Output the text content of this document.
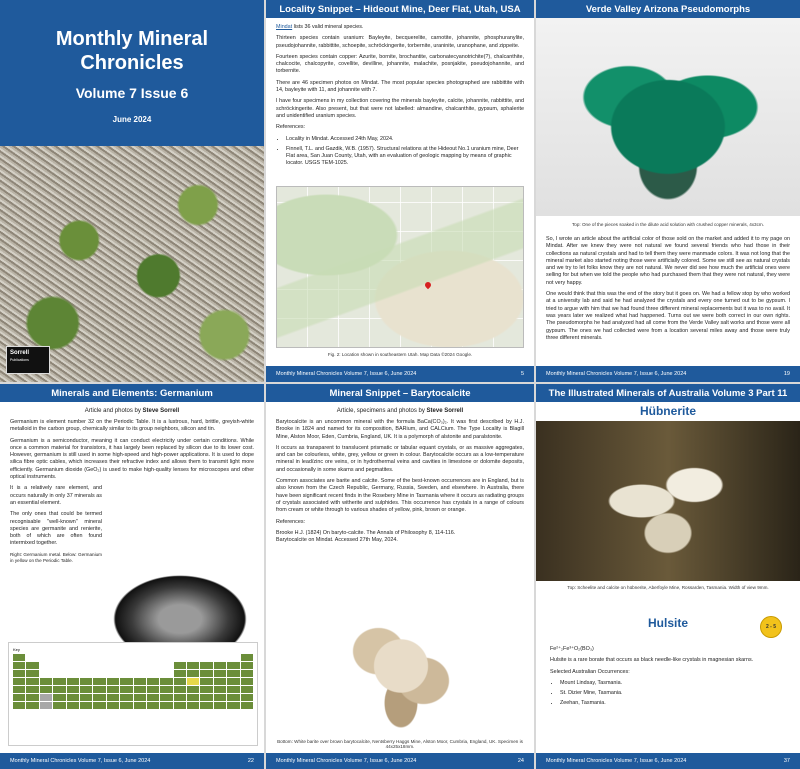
Monthly Mineral
Chronicles
Volume 7 Issue 6
June 2024
Sorrell
Publications
Locality Snippet – Hideout Mine, Deer Flat, Utah, USA

Mindat lists 36 valid mineral species.

Thirteen species contain uranium: Bayleyite, becquerelite, carnotite, johannite, phosphuranylite, pseudojohannite, rabbittite, schoepite, schröckingerite, torbernite, uraninite, uranophane, and zippeite.

Fourteen species contain copper: Azurite, bornite, brochantite, carbonatecyanotrichite(?), chalcanthite, chalcocite, chalcopyrite, covellite, devilline, johannite, malachite, posnjakite, pseudojohannite, and torbernite.

There are 46 specimen photos on Mindat. The most popular species photographed are rabbittite with 14, bayleyite with 11, and johannite with 7.

I have four specimens in my collection covering the minerals bayleyite, calcite, johannite, rabbittite, and schröckingerite. Also present, but that were not labelled: almandine, chalcanthite, gypsum, sphalerite and unidentified uranium species.

References:

• Locality in Mindat. Accessed 24th May, 2024.
• Finnell, T.L. and Gazdik, W.B. (1957). Structural relations at the Hideout No.1 uranium mine, Deer Flat area, San Juan County, Utah, with an evaluation of geologic mapping by means of graphic locator. USGS TEM-1025.
Fig. 2: Location shown in southeastern Utah. Map Data ©2024 Google.
Monthly Mineral Chronicles Volume 7, Issue 6, June 2024	5
Verde Valley Arizona Pseudomorphs
Top: One of the pieces soaked in the dilute acid solution with crushed copper minerals, 4x3cm.

So, I wrote an article about the artificial color of those sold on the market and added it to my page on Mindat. After we knew they were not natural we found several friends who had those in their collections as natural crystals and had to tell them they were manmade colors. It was not long that the mineral market also started noting those were artificially colored. Some we still see as natural crystals and we try to let folks know they are not natural. We never did see how much the artificial ones were selling for but when we told the people who had purchased them that they were not natural, they were not very happy.

One would think that this was the end of the story but it goes on. We had a fellow stop by who worked at a university lab and said he had analyzed the crystals and every one turned out to be gypsum. I tried to argue with him that we had found three different mineral replacements but it was to no avail. It was years later we realized what had happened. Turns out we were both correct in our own rights. The pseudomorphs he had analyzed had all come from the Verde Valley salt works and those were all gypsum. The ones we had collected were from a location several miles away and those were truly three different minerals.

Monthly Mineral Chronicles Volume 7, Issue 6, June 2024	19
Minerals and Elements: Germanium
Article and photos by Steve Sorrell

Germanium is element number 32 on the Periodic Table. It is a lustrous, hard, brittle, greyish-white metalloid in the carbon group, chemically similar to its group neighbors, silicon and tin.

Germanium is a semiconductor, meaning it can conduct electricity under certain conditions. While once a common material for transistors, it has largely been replaced by silicon due to its lower cost. However, germanium is still used in some high-speed and high-power applications. It is used to dope silica fibre optic cables, which increases their refractive index and allows them to transmit light more efficiently. Germanium dioxide (GeO₂) is used to make high-quality lenses for microscopes and other optical instruments.

It is a relatively rare element, and occurs naturally in only 37 minerals as an essential element.

The only ones that could be termed recognisable "well-known" mineral species are germanite and renierite, both of which are often found intermixed together.

Right: Germanium metal. Below: Germanium in yellow on the Periodic Table.

Key
Monthly Mineral Chronicles Volume 7, Issue 6, June 2024	22
Mineral Snippet – Barytocalcite
Article, specimens and photos by Steve Sorrell

Barytocalcite is an uncommon mineral with the formula BaCa(CO₃)₂. It was first described by H.J. Brooke in 1824 and named for its composition, BARium, and CALCium. The Type Locality is Blagill Mine, Alston Moor, Eden, Cumbria, England, UK. It is a polymorph of alstonite and paralstonite.

It occurs as transparent to translucent prismatic or tabular equant crystals, or as massive aggregates, and can be colourless, white, grey, yellow or green in colour. Barytocalcite occurs as a low-temperature mineral in lead/zinc ore veins, or in hydrothermal veins and cavities in limestone or dolomite deposits, and occasionally in some skarns and pegmatites.

Common associates are barite and calcite. Some of the best-known occurrences are in England, but is also known from the Czech Republic, Germany, Russia, Sweden, and elsewhere. In Australia, there have been significant recent finds in the Rosebery Mine in Tasmania where it occurs as radiating groups of crystals associated with witherite and sulphides. This occurrence has crystals in a range of colours from cream or white through to various shades of yellow, pink, brown or orange.

References:

Brooke H.J. (1824) On baryto-calcite. The Annals of Philosophy 8, 114-116.
Barytocalcite on Mindat. Accessed 27th May, 2024.
Bottom: White barite over brown barytocalcite, Nentsberry Haggs Mine, Alston Moor, Cumbria, England, UK. Specimen is 44x25x18mm.
Monthly Mineral Chronicles Volume 7, Issue 6, June 2024	24
The Illustrated Minerals of Australia Volume 3 Part 11
Hübnerite
Top: Scheelite and calcite on hübnerite, Aberfoyle Mine, Rossarden, Tasmania. Width of view 9mm.
Hulsite	2 - 5

Fe²⁺₂Fe³⁺O₂(BO₃)

Hulsite is a rare borate that occurs as black needle-like crystals in magnesian skarns.

Selected Australian Occurrences:

• Mount Lindsay, Tasmania.
• St. Dizier Mine, Tasmania.
• Zeehan, Tasmania.
Monthly Mineral Chronicles Volume 7, Issue 6, June 2024	37
